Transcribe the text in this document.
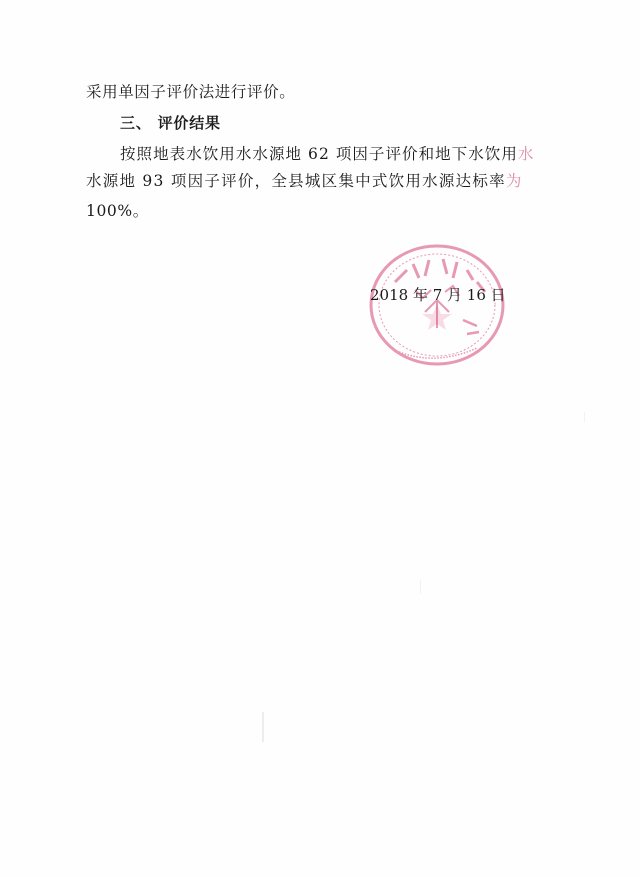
采用单因子评价法进行评价。
三、 评价结果
按照地表水饮用水水源地 62 项因子评价和地下水饮用水
水源地 93 项因子评价，全县城区集中式饮用水源达标率为
100%。
2018 年 7 月 16 日
